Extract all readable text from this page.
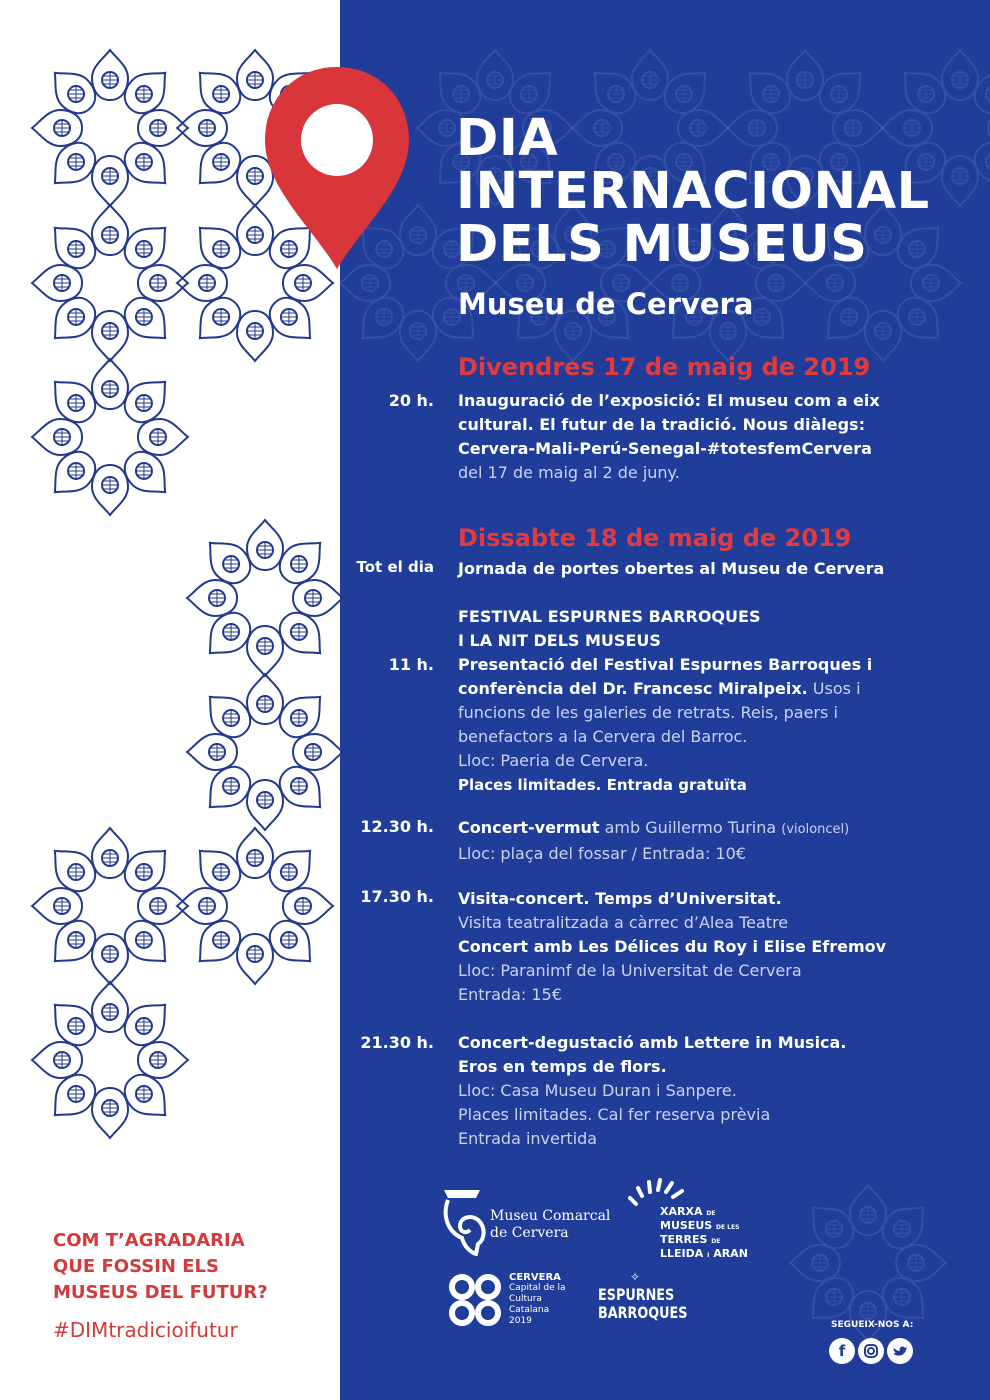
DIA
INTERNACIONAL
DELS MUSEUS
Museu de Cervera
Divendres 17 de maig de 2019
20 h. Inauguració de l’exposició: El museu com a eix
cultural. El futur de la tradició. Nous diàlegs:
Cervera-Mali-Perú-Senegal-#totesfemCervera
del 17 de maig al 2 de juny.
Dissabte 18 de maig de 2019
Tot el dia Jornada de portes obertes al Museu de Cervera
FESTIVAL ESPURNES BARROQUES
I LA NIT DELS MUSEUS
Presentació del Festival Espurnes Barroques i
conferència del Dr. Francesc Miralpeix. Usos i
funcions de les galeries de retrats. Reis, paers i
benefactors a la Cervera del Barroc.
Lloc: Paeria de Cervera.
Places limitades. Entrada gratuïta
11 h.
12.30 h. Concert-vermut amb Guillermo Turina (violoncel)
Lloc: plaça del fossar / Entrada: 10€
17.30 h. Visita-concert. Temps d’Universitat.
Visita teatralitzada a càrrec d’Alea Teatre
Concert amb Les Délices du Roy i Elise Efremov
Lloc: Paranimf de la Universitat de Cervera
Entrada: 15€
21.30 h. Concert-degustació amb Lettere in Musica.
Eros en temps de flors.
Lloc: Casa Museu Duran i Sanpere.
Places limitades. Cal fer reserva prèvia
Entrada invertida
COM T’AGRADARIA
QUE FOSSIN ELS
MUSEUS DEL FUTUR?
#DIMtradicioifutur
Museu Comarcal
de Cervera
XARXA DE
MUSEUS DE LES
TERRES DE
LLEIDA I ARAN
CERVERA
Capital de la
Cultura
Catalana
2019
✧
ESPURNES
BARROQUES
SEGUEIX-NOS A:
f
